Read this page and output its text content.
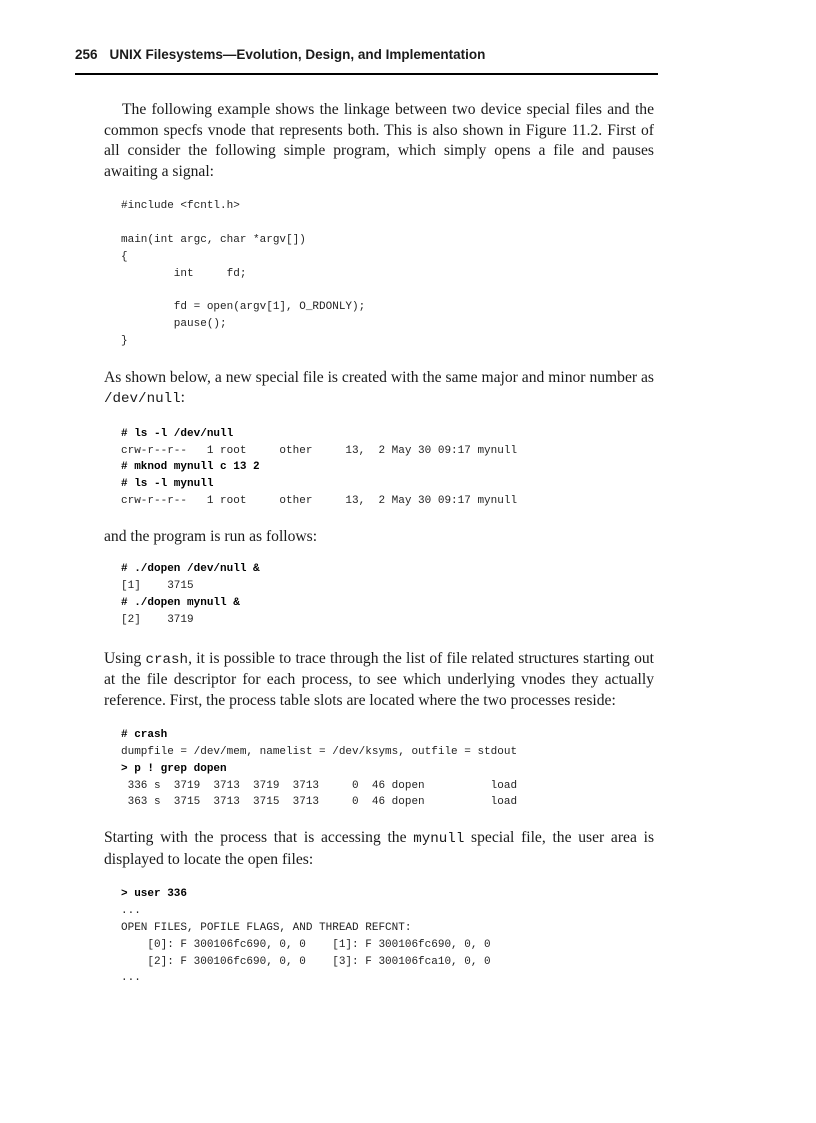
256 UNIX Filesystems—Evolution, Design, and Implementation

The following example shows the linkage between two device special files and the common specfs vnode that represents both. This is also shown in Figure 11.2. First of all consider the following simple program, which simply opens a file and pauses awaiting a signal:

#include <fcntl.h>

main(int argc, char *argv[])
{
int     fd;

fd = open(argv[1], O_RDONLY);
pause();
}

As shown below, a new special file is created with the same major and minor number as /dev/null:

# ls -l /dev/null
crw-r--r--   1 root     other     13,  2 May 30 09:17 mynull
# mknod mynull c 13 2
# ls -l mynull
crw-r--r--   1 root     other     13,  2 May 30 09:17 mynull

and the program is run as follows:

# ./dopen /dev/null &
[1]    3715
# ./dopen mynull &
[2]    3719

Using crash, it is possible to trace through the list of file related structures starting out at the file descriptor for each process, to see which underlying vnodes they actually reference. First, the process table slots are located where the two processes reside:

# crash
dumpfile = /dev/mem, namelist = /dev/ksyms, outfile = stdout
> p ! grep dopen
336 s  3719  3713  3719  3713     0  46 dopen          load
363 s  3715  3713  3715  3713     0  46 dopen          load

Starting with the process that is accessing the mynull special file, the user area is displayed to locate the open files:

> user 336
...
OPEN FILES, POFILE FLAGS, AND THREAD REFCNT:
[0]: F 300106fc690, 0, 0    [1]: F 300106fc690, 0, 0
[2]: F 300106fc690, 0, 0    [3]: F 300106fca10, 0, 0
...
